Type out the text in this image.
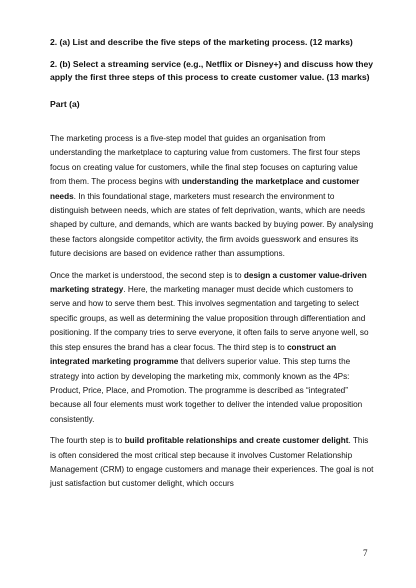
2. (a) List and describe the five steps of the marketing process. (12 marks)

2. (b) Select a streaming service (e.g., Netflix or Disney+) and discuss how they apply the first three steps of this process to create customer value. (13 marks)

Part (a)

The marketing process is a five-step model that guides an organisation from understanding the marketplace to capturing value from customers. The first four steps focus on creating value for customers, while the final step focuses on capturing value from them. The process begins with understanding the marketplace and customer needs. In this foundational stage, marketers must research the environment to distinguish between needs, which are states of felt deprivation, wants, which are needs shaped by culture, and demands, which are wants backed by buying power. By analysing these factors alongside competitor activity, the firm avoids guesswork and ensures its future decisions are based on evidence rather than assumptions.

Once the market is understood, the second step is to design a customer value-driven marketing strategy. Here, the marketing manager must decide which customers to serve and how to serve them best. This involves segmentation and targeting to select specific groups, as well as determining the value proposition through differentiation and positioning. If the company tries to serve everyone, it often fails to serve anyone well, so this step ensures the brand has a clear focus. The third step is to construct an integrated marketing programme that delivers superior value. This step turns the strategy into action by developing the marketing mix, commonly known as the 4Ps: Product, Price, Place, and Promotion. The programme is described as “integrated” because all four elements must work together to deliver the intended value proposition consistently.

The fourth step is to build profitable relationships and create customer delight. This is often considered the most critical step because it involves Customer Relationship Management (CRM) to engage customers and manage their experiences. The goal is not just satisfaction but customer delight, which occurs

7
